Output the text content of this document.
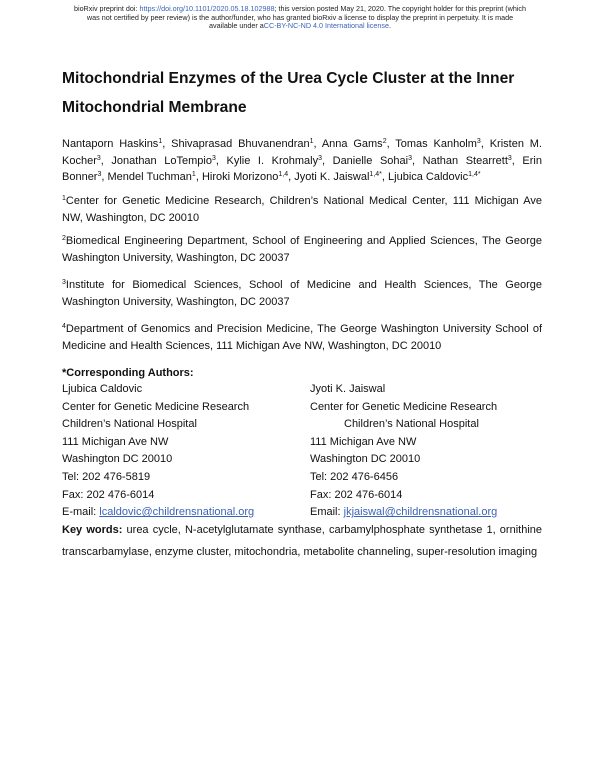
bioRxiv preprint doi: https://doi.org/10.1101/2020.05.18.102988; this version posted May 21, 2020. The copyright holder for this preprint (which
was not certified by peer review) is the author/funder, who has granted bioRxiv a license to display the preprint in perpetuity. It is made
available under aCC-BY-NC-ND 4.0 International license.
Mitochondrial Enzymes of the Urea Cycle Cluster at the Inner Mitochondrial Membrane
Nantaporn Haskins$^1$, Shivaprasad Bhuvanendran$^1$, Anna Gams$^2$, Tomas Kanholm$^3$, Kristen M. Kocher$^3$, Jonathan LoTempio$^3$, Kylie I. Krohmaly$^3$, Danielle Sohai$^3$, Nathan Stearrett$^3$, Erin Bonner$^3$, Mendel Tuchman$^1$, Hiroki Morizono$^{1,4}$, Jyoti K. Jaiswal$^{1,4*}$, Ljubica Caldovic$^{1,4*}$
$^1$Center for Genetic Medicine Research, Children’s National Medical Center, 111 Michigan Ave NW, Washington, DC 20010
$^2$Biomedical Engineering Department, School of Engineering and Applied Sciences, The George Washington University, Washington, DC 20037
$^3$Institute for Biomedical Sciences, School of Medicine and Health Sciences, The George Washington University, Washington, DC 20037
$^4$Department of Genomics and Precision Medicine, The George Washington University School of Medicine and Health Sciences, 111 Michigan Ave NW, Washington, DC 20010
*Corresponding Authors:
Ljubica Caldovic
Center for Genetic Medicine Research
Children’s National Hospital
111 Michigan Ave NW
Washington DC 20010
Tel: 202 476-5819
Fax: 202 476-6014
E-mail: lcaldovic@childrensnational.org
Jyoti K. Jaiswal
Center for Genetic Medicine Research
Children’s National Hospital
111 Michigan Ave NW
Washington DC 20010
Tel: 202 476-6456
Fax: 202 476-6014
Email: jkjaiswal@childrensnational.org
Key words: urea cycle, N-acetylglutamate synthase, carbamylphosphate synthetase 1, ornithine transcarbamylase, enzyme cluster, mitochondria, metabolite channeling, super-resolution imaging
